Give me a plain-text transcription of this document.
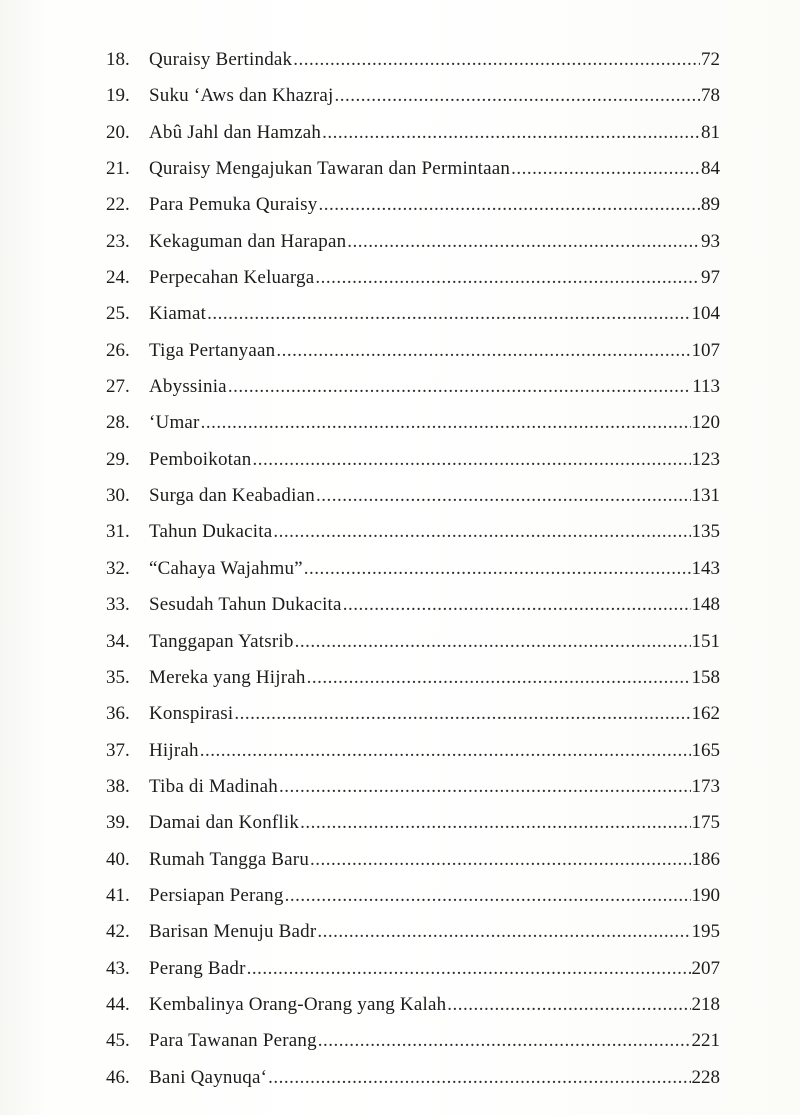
18.	Quraisy Bertindak .....	72
19.	Suku ‘Aws dan Khazraj .....	78
20.	Abû Jahl dan Hamzah .....	81
21.	Quraisy Mengajukan Tawaran dan Permintaan .....	84
22.	Para Pemuka Quraisy .....	89
23.	Kekaguman dan Harapan .....	93
24.	Perpecahan Keluarga .....	97
25.	Kiamat .....	104
26.	Tiga Pertanyaan .....	107
27.	Abyssinia .....	113
28.	‘Umar .....	120
29.	Pemboikotan .....	123
30.	Surga dan Keabadian .....	131
31.	Tahun Dukacita .....	135
32.	“Cahaya Wajahmu” .....	143
33.	Sesudah Tahun Dukacita .....	148
34.	Tanggapan Yatsrib .....	151
35.	Mereka yang Hijrah .....	158
36.	Konspirasi .....	162
37.	Hijrah .....	165
38.	Tiba di Madinah .....	173
39.	Damai dan Konflik .....	175
40.	Rumah Tangga Baru .....	186
41.	Persiapan Perang .....	190
42.	Barisan Menuju Badr .....	195
43.	Perang Badr .....	207
44.	Kembalinya Orang-Orang yang Kalah .....	218
45.	Para Tawanan Perang .....	221
46.	Bani Qaynuqa‘ .....	228
